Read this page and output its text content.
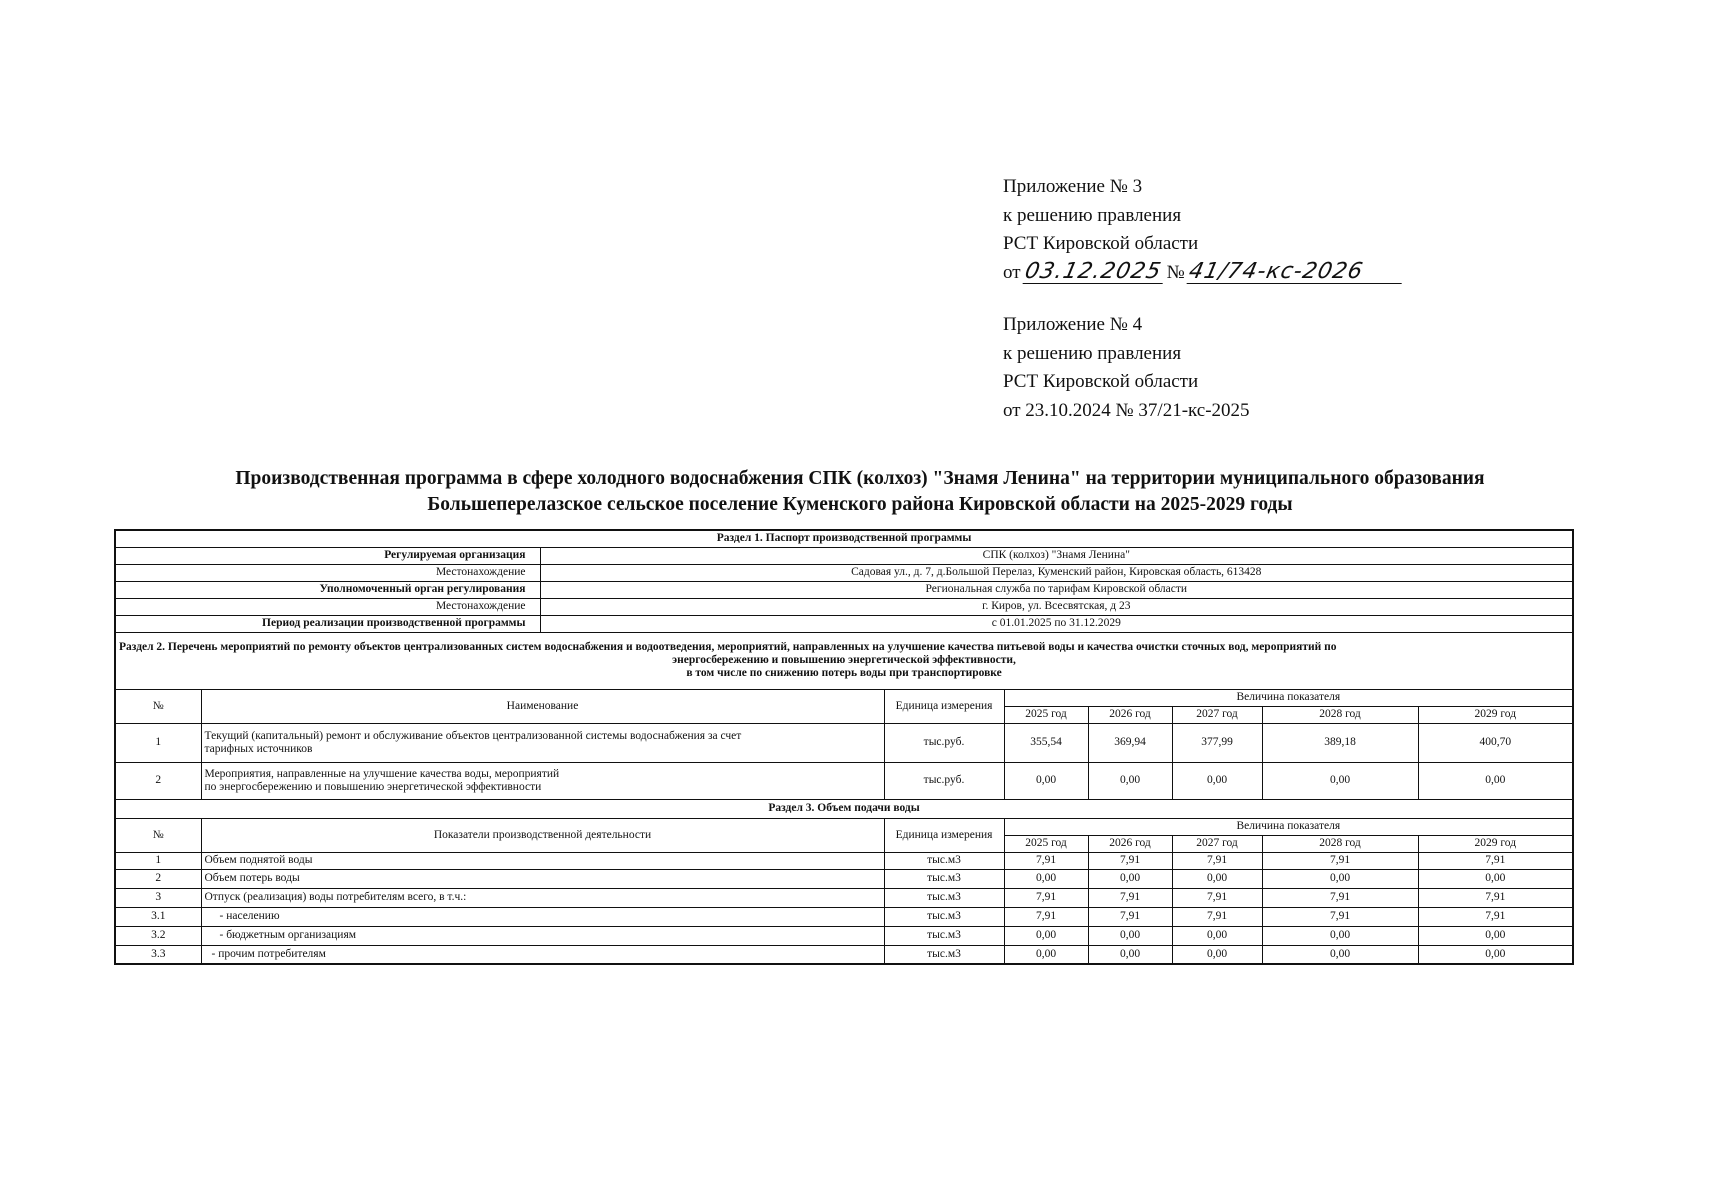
Приложение № 3
к решению правления
РСТ Кировской области
от03.12.2025 №41/74-кс-2026
Приложение № 4
к решению правления
РСТ Кировской области
от 23.10.2024 № 37/21-кс-2025
Производственная программа в сфере холодного водоснабжения СПК (колхоз) "Знамя Ленина" на территории муниципального образования
Большеперелазское сельское поселение Куменского района Кировской области на 2025-2029 годы
Раздел 1. Паспорт производственной программы								
Регулируемая организация		СПК (колхоз) "Знамя Ленина"						
Местонахождение		Садовая ул., д. 7, д.Большой Перелаз, Куменский район, Кировская область, 613428						
Уполномоченный орган регулирования		Региональная служба по тарифам Кировской области						
Местонахождение		г. Киров, ул. Всесвятская, д 23						
Период реализации производственной программы		с 01.01.2025 по 31.12.2029						

Раздел 2. Перечень мероприятий по ремонту объектов централизованных систем водоснабжения и водоотведения, мероприятий, направленных на улучшение качества питьевой воды и качества очистки сточных вод, мероприятий по
энергосбережению и повышению энергетической эффективности,
в том числе по снижению потерь воды при транспортировке								

№	Наименование		Единица измерения	Величина показателя				
				2025 год	2026 год	2027 год	2028 год	2029 год
1	Текущий (капитальный) ремонт и обслуживание объектов централизованной системы водоснабжения за счет
тарифных источников		тыс.руб.	355,54	369,94	377,99	389,18	400,70
2	Мероприятия, направленные на улучшение качества воды, мероприятий
по энергосбережению и повышению энергетической эффективности		тыс.руб.	0,00	0,00	0,00	0,00	0,00
Раздел 3. Объем подачи воды								
№	Показатели производственной деятельности		Единица измерения	Величина показателя				
				2025 год	2026 год	2027 год	2028 год	2029 год
1	Объем поднятой воды		тыс.м3	7,91	7,91	7,91	7,91	7,91
2	Объем потерь воды		тыс.м3	0,00	0,00	0,00	0,00	0,00
3	Отпуск (реализация) воды потребителям всего, в т.ч.:		тыс.м3	7,91	7,91	7,91	7,91	7,91
3.1	- населению		тыс.м3	7,91	7,91	7,91	7,91	7,91
3.2	- бюджетным организациям		тыс.м3	0,00	0,00	0,00	0,00	0,00
3.3	- прочим потребителям		тыс.м3	0,00	0,00	0,00	0,00	0,00
